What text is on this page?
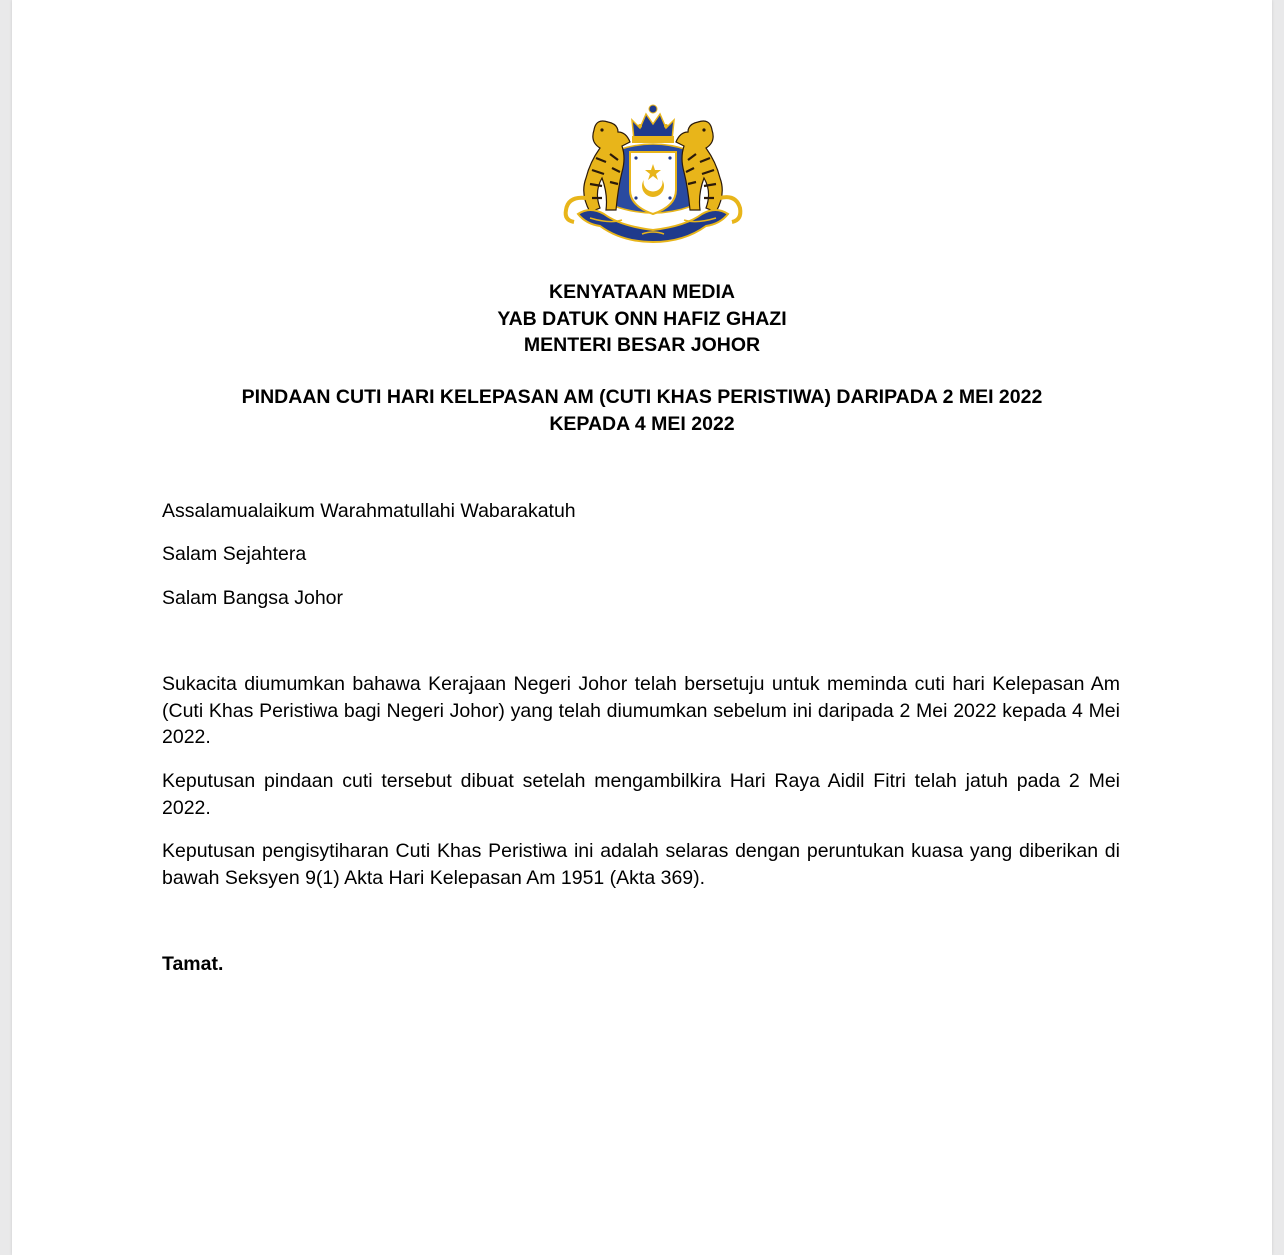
KENYATAAN MEDIA
YAB DATUK ONN HAFIZ GHAZI
MENTERI BESAR JOHOR
PINDAAN CUTI HARI KELEPASAN AM (CUTI KHAS PERISTIWA) DARIPADA 2 MEI 2022
KEPADA 4 MEI 2022

Assalamualaikum Warahmatullahi Wabarakatuh

Salam Sejahtera

Salam Bangsa Johor

Sukacita diumumkan bahawa Kerajaan Negeri Johor telah bersetuju untuk meminda cuti hari Kelepasan Am (Cuti Khas Peristiwa bagi Negeri Johor) yang telah diumumkan sebelum ini daripada 2 Mei 2022 kepada 4 Mei 2022.

Keputusan pindaan cuti tersebut dibuat setelah mengambilkira Hari Raya Aidil Fitri telah jatuh pada 2 Mei 2022.

Keputusan pengisytiharan Cuti Khas Peristiwa ini adalah selaras dengan peruntukan kuasa yang diberikan di bawah Seksyen 9(1) Akta Hari Kelepasan Am 1951 (Akta 369).

Tamat.
